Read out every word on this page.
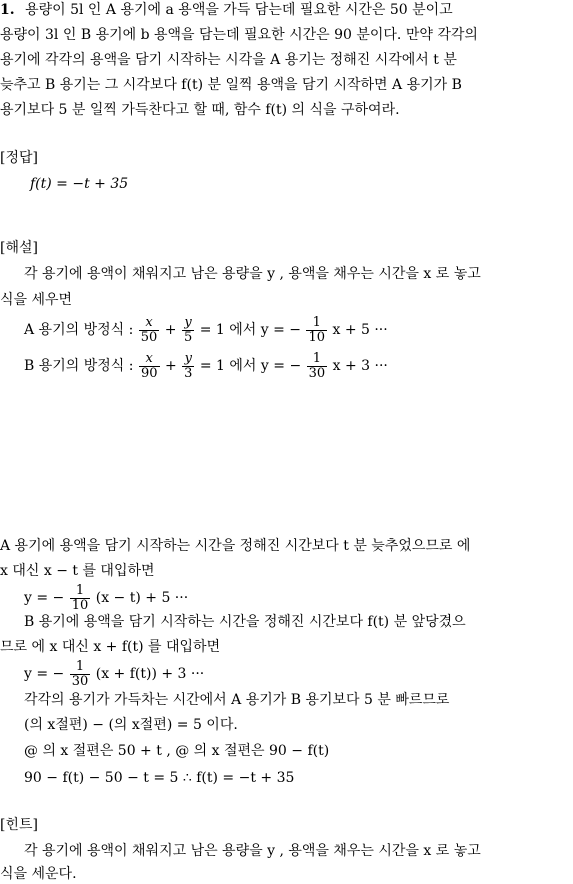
1. 용량이 5l 인 A 용기에 a 용액을 가득 담는데 필요한 시간은 50 분이고
용량이 3l 인 B 용기에 b 용액을 담는데 필요한 시간은 90 분이다. 만약 각각의
용기에 각각의 용액을 담기 시작하는 시각을 A 용기는 정해진 시각에서 t 분
늦추고 B 용기는 그 시각보다 f(t) 분 일찍 용액을 담기 시작하면 A 용기가 B
용기보다 5 분 일찍 가득찬다고 할 때, 함수 f(t) 의 식을 구하여라.
[정답]
f(t) = −t + 35
[해설]
각 용기에 용액이 채워지고 남은 용량을 y , 용액을 채우는 시간을 x 로 놓고
식을 세우면
A 용기의 방정식 : $\frac{x}{50} + \frac{y}{5} = 1$ 에서 y = − $\frac{1}{10}$ x + 5 ···
B 용기의 방정식 : $\frac{x}{90} + \frac{y}{3} = 1$ 에서 y = − $\frac{1}{30}$ x + 3 ···
A 용기에 용액을 담기 시작하는 시간을 정해진 시간보다 t 분 늦추었으므로 에
x 대신 x − t 를 대입하면
y = − $\frac{1}{10} (x - t) + 5$ ···
B 용기에 용액을 담기 시작하는 시간을 정해진 시간보다 f(t) 분 앞당겼으
므로 에 x 대신 x + f(t) 를 대입하면
y = − $\frac{1}{30} (x + f(t)) + 3$ ···
각각의 용기가 가득차는 시간에서 A 용기가 B 용기보다 5 분 빠르므로
(의 x절편) − (의 x절편) = 5 이다.
@ 의 x 절편은 50 + t , @ 의 x 절편은 90 − f(t)
90 − f(t) − 50 − t = 5 ∴ f(t) = −t + 35
[힌트]
각 용기에 용액이 채워지고 남은 용량을 y , 용액을 채우는 시간을 x 로 놓고
식을 세운다.
